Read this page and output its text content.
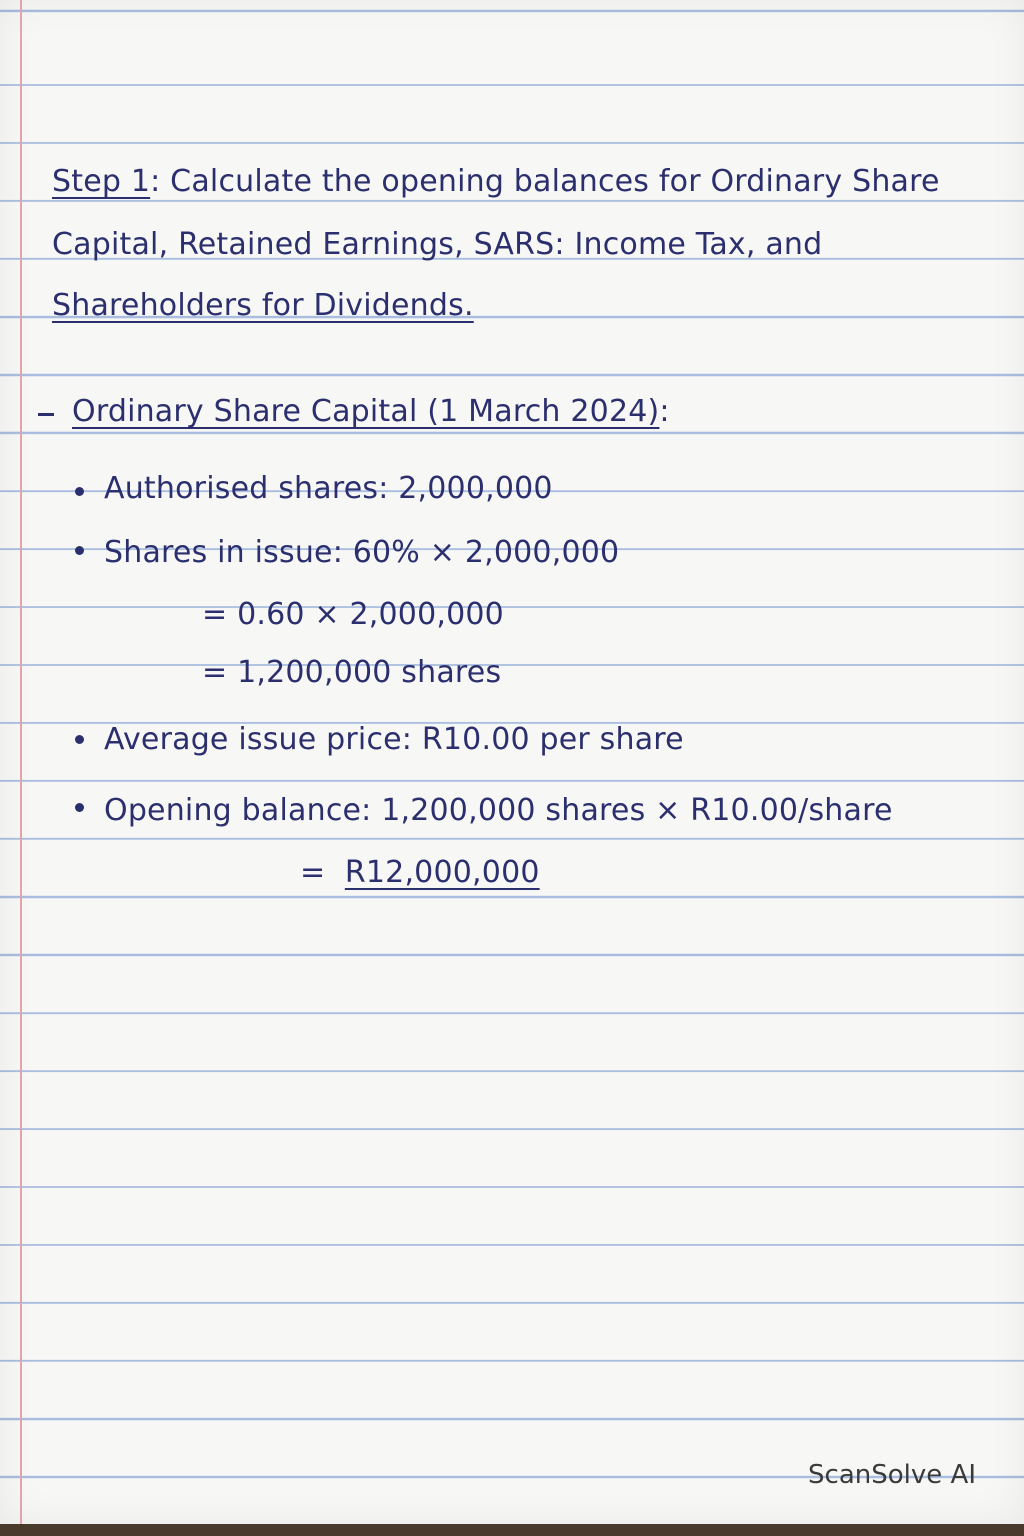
Step 1: Calculate the opening balances for Ordinary Share
Capital, Retained Earnings, SARS: Income Tax, and
Shareholders for Dividends.
Ordinary Share Capital (1 March 2024):
Authorised shares: 2,000,000
Shares in issue: 60% × 2,000,000
= 0.60 × 2,000,000
= 1,200,000 shares
Average issue price: R10.00 per share
Opening balance: 1,200,000 shares × R10.00/share
= R12,000,000
ScanSolve AI
